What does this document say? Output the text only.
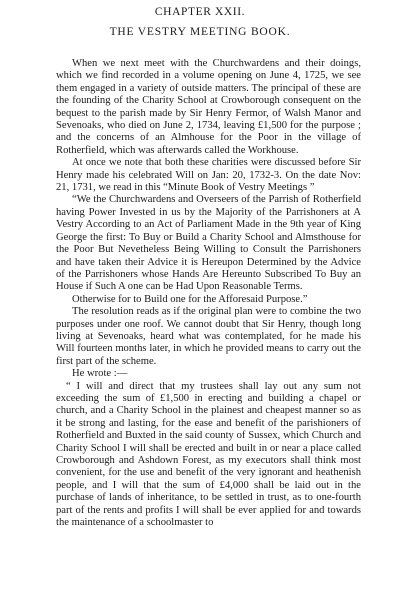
CHAPTER XXII.
THE VESTRY MEETING BOOK.

When we next meet with the Churchwardens and their doings, which we find recorded in a volume opening on June 4, 1725, we see them engaged in a variety of outside matters. The principal of these are the founding of the Charity School at Crowborough consequent on the bequest to the parish made by Sir Henry Fermor, of Walsh Manor and Sevenoaks, who died on June 2, 1734, leaving £1,500 for the purpose ; and the concerns of an Almhouse for the Poor in the village of Rotherfield, which was afterwards called the Workhouse.

At once we note that both these charities were discussed before Sir Henry made his celebrated Will on Jan: 20, 1732-3. On the date Nov: 21, 1731, we read in this “Minute Book of Vestry Meetings ”

“We the Churchwardens and Overseers of the Parrish of Rotherfield having Power Invested in us by the Majority of the Parrishoners at A Vestry According to an Act of Parliament Made in the 9th year of King George the first: To Buy or Build a Charity School and Almsthouse for the Poor But Nevetheless Being Willing to Consult the Parrishoners and have taken their Advice it is Hereupon Determined by the Advice of the Parrishoners whose Hands Are Hereunto Subscribed To Buy an House if Such A one can be Had Upon Reasonable Terms.

Otherwise for to Build one for the Afforesaid Purpose.”

The resolution reads as if the original plan were to combine the two purposes under one roof. We cannot doubt that Sir Henry, though long living at Sevenoaks, heard what was contemplated, for he made his Will fourteen months later, in which he provided means to carry out the first part of the scheme.

He wrote :—

“ I will and direct that my trustees shall lay out any sum not exceeding the sum of £1,500 in erecting and building a chapel or church, and a Charity School in the plainest and cheapest manner so as it be strong and lasting, for the ease and benefit of the parishioners of Rotherfield and Buxted in the said county of Sussex, which Church and Charity School I will shall be erected and built in or near a place called Crowborough and Ashdown Forest, as my executors shall think most convenient, for the use and benefit of the very ignorant and heathenish people, and I will that the sum of £4,000 shall be laid out in the purchase of lands of inheritance, to be settled in trust, as to one-fourth part of the rents and profits I will shall be ever applied for and towards the maintenance of a schoolmaster to
